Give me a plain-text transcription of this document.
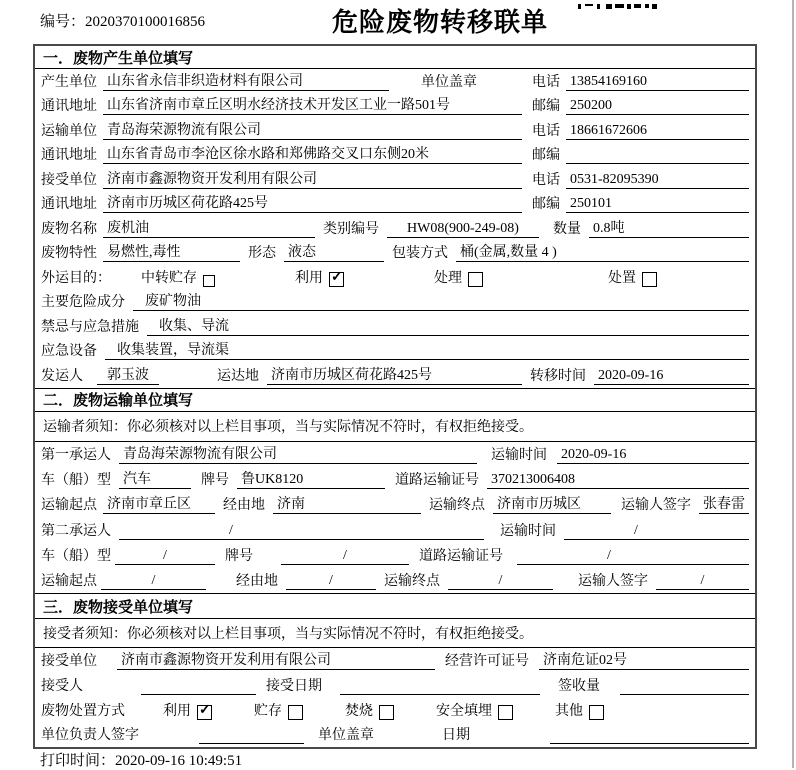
编号：2020370100016856	危险废物转移联单
一．废物产生单位填写
产生单位 山东省永信非织造材料有限公司	单位盖章	电话 13854169160
通讯地址 山东省济南市章丘区明水经济技术开发区工业一路501号	邮编 250200
运输单位 青岛海荣源物流有限公司	电话 18661672606
通讯地址 山东省青岛市李沧区徐水路和郑佛路交叉口东侧20米	邮编
接受单位 济南市鑫源物资开发利用有限公司	电话 0531-82095390
通讯地址 济南市历城区荷花路425号	邮编 250101
废物名称 废机油	类别编号	HW08(900-249-08)	数量 0.8吨
废物特性 易燃性,毒性	形态 液态	包装方式 桶(金属,数量 4 )
外运目的： 中转贮存	利用 ✓	处理	处置
主要危险成分	废矿物油
禁忌与应急措施	收集、导流
应急设备	收集装置，导流渠
发运人	郭玉波	运达地 济南市历城区荷花路425号	转移时间 2020-09-16
二．废物运输单位填写
运输者须知：你必须核对以上栏目事项，当与实际情况不符时，有权拒绝接受。
第一承运人 青岛海荣源物流有限公司	运输时间 2020-09-16
车（船）型 汽车	牌号 鲁UK8120	道路运输证号 370213006408
运输起点 济南市章丘区	经由地 济南	运输终点 济南市历城区	运输人签字 张春雷
第二承运人	/	运输时间	/
车（船）型	/	牌号	/	道路运输证号	/
运输起点	/	经由地	/	运输终点	/	运输人签字	/
三．废物接受单位填写
接受者须知：你必须核对以上栏目事项，当与实际情况不符时，有权拒绝接受。
接受单位 济南市鑫源物资开发利用有限公司	经营许可证号 济南危证02号
接受人	接受日期	签收量
废物处置方式	利用 ✓	贮存	焚烧	安全填埋	其他
单位负责人签字	单位盖章	日期
打印时间：2020-09-16 10:49:51
